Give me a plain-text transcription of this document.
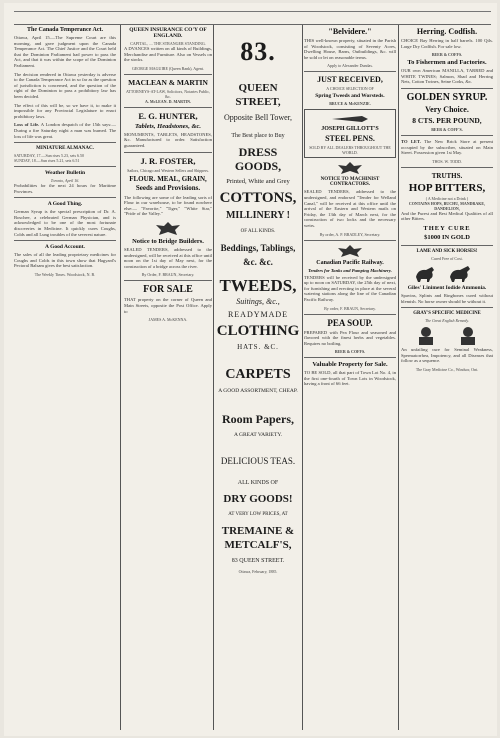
The Canada Temperance Act.

Ottawa, April 15.—The Supreme Court are this morning, and gave judgment upon the Canada Temperance Act. The Chief Justice and the Court held that the Dominion Parliament had power to pass the Act, and that it was within the scope of the Dominion Parliament.

The decision rendered in Ottawa yesterday is adverse to the Canada Temperance Act in so far as the question of jurisdiction is concerned, and the question of the right of the Dominion to pass a prohibitory law has been decided.

The effect of this will be, so we have it, to make it impossible for any Provincial Legislature to enact prohibitory laws.

Loss of Life. A London despatch of the 15th says:—During a fire Saturday night a man was burned. The loss of life was great.

MINIATURE ALMANAC.
SATURDAY, 17.—Sun rises 5.23, sets 6.50
SUNDAY, 18.—Sun rises 5.21, sets 6.51
Weather Bulletin
Toronto, April 16.

Probabilities for the next 24 hours for Maritime Provinces.

A Good Thing.

German Syrup is the special prescription of Dr. A. Boschee, a celebrated German Physician, and is acknowledged to be one of the most fortunate discoveries in Medicine. It quickly cures Coughs, Colds and all Lung troubles of the severest nature.

A Good Account.

The sales of all the leading proprietary medicines for Coughs and Colds in this town show that Hagyard's Pectoral Balsam gives the best satisfaction.

The Weekly Times. Woodstock, N. B.
QUEEN INSURANCE CO'Y OF ENGLAND.
CAPITAL, .... THE STRANGER STANDING.

A DVANCES written on all kinds of Buildings, Merchandise and Furniture. Also on Vessels on the stocks.

GEORGE MAGUIRE (Queen Bank), Agent.
MACLEAN & MARTIN
ATTORNEYS-AT-LAW, Solicitors, Notaries Public, &c.
A. McLEAN. D. MARTIN.
E. G. HUNTER,
Tablets, Headstones, &c.

MONUMENTS, TABLETS, HEADSTONES, &c. Manufactured to order. Satisfaction guaranteed.

J. R. FOSTER,
Sailors, Chicago and Western Sellers and Shippers.
FLOUR. MEAL, GRAIN, Seeds and Provisions.

The following are some of the leading sorts of Flour in our warehouse, to be found nowhere else:— "Favorite," "Tiger," "White Star," "Pride of the Valley."

Notice to Bridge Builders.

SEALED TENDERS, addressed to the undersigned, will be received at this office until noon on the 1st day of May next, for the construction of a bridge across the river.

By Order, F. BRAUN, Secretary.
FOR SALE

THAT property on the corner of Queen and Main Streets, opposite the Post Office. Apply to

JAMES A. McKENNA.
83.
QUEEN STREET,
Opposite Bell Tower,
The Best place to Buy
DRESS GOODS,
Printed, White and Grey
COTTONS,
MILLINERY !
OF ALL KINDS.
Beddings, Tablings, &c. &c.
TWEEDS,
Suitings, &c.,
READYMADE
CLOTHING
HATS. &C.
CARPETS
A GOOD ASSORTMENT, CHEAP.
Room Papers,
A GREAT VARIETY.
DELICIOUS TEAS.
ALL KINDS OF
DRY GOODS!
AT VERY LOW PRICES, AT
TREMAINE & METCALF'S,
83 QUEEN STREET.
Ottawa, February, 1885.
"Belvidere."

THIS well-known property, situated in the Parish of Woodstock, consisting of Seventy Acres, Dwelling House, Barns, Outbuildings, &c. will be sold or let on reasonable terms.

Apply to Alexander Dundas.
JUST RECEIVED,
A CHOICE SELECTION OF
Spring Tweeds and Worsteds.
BRUCE & McKENZIE.
JOSEPH GILLOTT'S
STEEL PENS.
SOLD BY ALL DEALERS THROUGHOUT THE WORLD.
NOTICE TO MACHINIST CONTRACTORS.

SEALED TENDERS, addressed to the undersigned, and endorsed "Tender for Welland Canal," will be received at this office until the arrival of the Eastern and Western mails on Friday, the 13th day of March next, for the construction of two locks and the necessary weirs.

By order, A. P. BRADLEY, Secretary.
Canadian Pacific Railway.
Tenders for Tanks and Pumping Machinery.

TENDERS will be received by the undersigned up to noon on SATURDAY, the 25th day of next, for furnishing and erecting in place at the several watering stations along the line of the Canadian Pacific Railway.

By order, F. BRAUN, Secretary.
PEA SOUP.

PREPARED with Pea Flour and seasoned and flavored with the finest herbs and vegetables. Requires no boiling.

BEER & COFFS.
Valuable Property for Sale.

TO BE SOLD, all that part of Town Lot No. 4, in the first one-fourth of Town Lots in Woodstock, having a front of 66 feet.

Herring. Codfish.

CHOICE Bay Herring in half barrels. 100 Qtls. Large Dry Codfish. For sale low.

BEER & COFFS.
To Fishermen and Factories.

OUR own American MANILLA, TARRED and WHITE TWINES; Salmon, Shad and Herring Nets, Cotton Twines, Seine Corks, &c.

GOLDEN SYRUP.
Very Choice.
8 CTS. PER POUND,
BEER & COFF'S.

TO LET. The New Brick Store at present occupied by the subscriber, situated on Main Street. Possession given 1st May.

THOS. W. TODD.
TRUTHS.
HOP BITTERS,
( A Medicine not a Drink )
CONTAINS HOPS, BUCHU, MANDRAKE, DANDELION,

And the Purest and Best Medical Qualities of all other Bitters.

THEY CURE
$1000 IN GOLD
LAME AND SICK HORSES!
Cured Free of Cost.
Giles' Liniment Iodide Ammonia.

Spavins, Splints and Ringbones cured without blemish. No horse owner should be without it.

GRAY'S SPECIFIC MEDICINE
The Great English Remedy.

An unfailing cure for Seminal Weakness, Spermatorrhea, Impotency, and all Diseases that follow as a sequence.

The Gray Medicine Co., Windsor, Ont.
